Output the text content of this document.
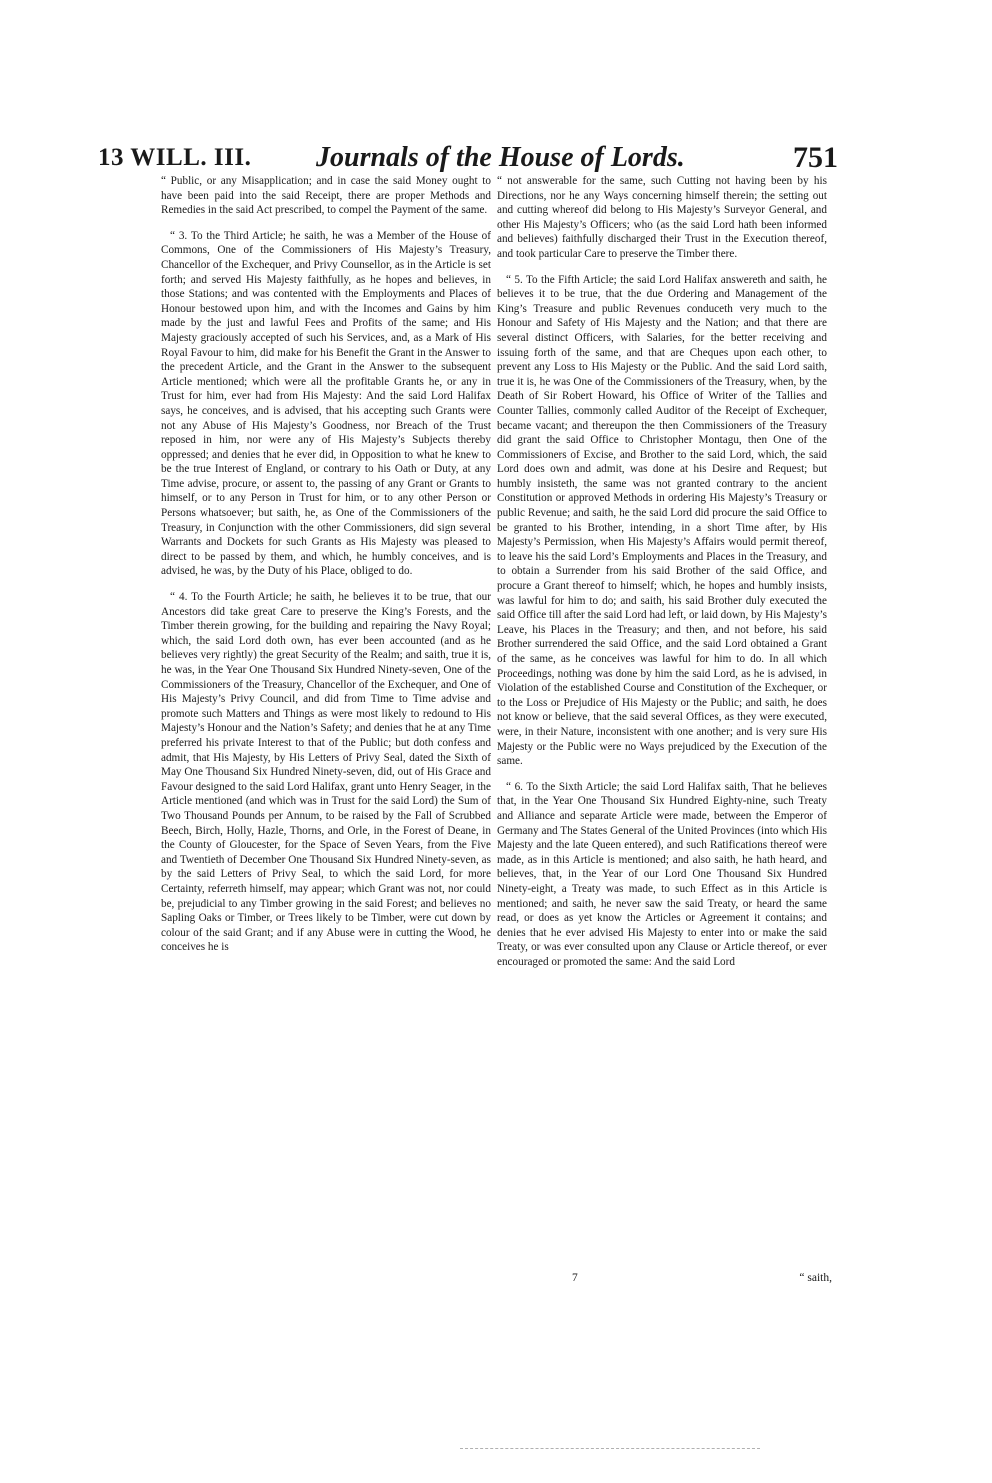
13 WILL. III. Journals of the House of Lords.	751

“ Public, or any Misapplication; and in case the said Money ought to have been paid into the said Receipt, there are proper Methods and Remedies in the said Act prescribed, to compel the Payment of the same.

“ 3. To the Third Article; he saith, he was a Member of the House of Commons, One of the Commissioners of His Majesty’s Treasury, Chancellor of the Exchequer, and Privy Counsellor, as in the Article is set forth; and served His Majesty faithfully, as he hopes and believes, in those Stations; and was contented with the Employments and Places of Honour bestowed upon him, and with the Incomes and Gains by him made by the just and lawful Fees and Profits of the same; and His Majesty graciously accepted of such his Services, and, as a Mark of His Royal Favour to him, did make for his Benefit the Grant in the Answer to the precedent Article, and the Grant in the Answer to the subsequent Article mentioned; which were all the profitable Grants he, or any in Trust for him, ever had from His Majesty: And the said Lord Halifax says, he conceives, and is advised, that his accepting such Grants were not any Abuse of His Majesty’s Goodness, nor Breach of the Trust reposed in him, nor were any of His Majesty’s Subjects thereby oppressed; and denies that he ever did, in Opposition to what he knew to be the true Interest of England, or contrary to his Oath or Duty, at any Time advise, procure, or assent to, the passing of any Grant or Grants to himself, or to any Person in Trust for him, or to any other Person or Persons whatsoever; but saith, he, as One of the Commissioners of the Treasury, in Conjunction with the other Commissioners, did sign several Warrants and Dockets for such Grants as His Majesty was pleased to direct to be passed by them, and which, he humbly conceives, and is advised, he was, by the Duty of his Place, obliged to do.

“ 4. To the Fourth Article; he saith, he believes it to be true, that our Ancestors did take great Care to preserve the King’s Forests, and the Timber therein growing, for the building and repairing the Navy Royal; which, the said Lord doth own, has ever been accounted (and as he believes very rightly) the great Security of the Realm; and saith, true it is, he was, in the Year One Thousand Six Hundred Ninety-seven, One of the Commissioners of the Treasury, Chancellor of the Exchequer, and One of His Majesty’s Privy Council, and did from Time to Time advise and promote such Matters and Things as were most likely to redound to His Majesty’s Honour and the Nation’s Safety; and denies that he at any Time preferred his private Interest to that of the Public; but doth confess and admit, that His Majesty, by His Letters of Privy Seal, dated the Sixth of May One Thousand Six Hundred Ninety-seven, did, out of His Grace and Favour designed to the said Lord Halifax, grant unto Henry Seager, in the Article mentioned (and which was in Trust for the said Lord) the Sum of Two Thousand Pounds per Annum, to be raised by the Fall of Scrubbed Beech, Birch, Holly, Hazle, Thorns, and Orle, in the Forest of Deane, in the County of Gloucester, for the Space of Seven Years, from the Five and Twentieth of December One Thousand Six Hundred Ninety-seven, as by the said Letters of Privy Seal, to which the said Lord, for more Certainty, referreth himself, may appear; which Grant was not, nor could be, prejudicial to any Timber growing in the said Forest; and believes no Sapling Oaks or Timber, or Trees likely to be Timber, were cut down by colour of the said Grant; and if any Abuse were in cutting the Wood, he conceives he is

“ not answerable for the same, such Cutting not having been by his Directions, nor he any Ways concerning himself therein; the setting out and cutting whereof did belong to His Majesty’s Surveyor General, and other His Majesty’s Officers; who (as the said Lord hath been informed and believes) faithfully discharged their Trust in the Execution thereof, and took particular Care to preserve the Timber there.

“ 5. To the Fifth Article; the said Lord Halifax answereth and saith, he believes it to be true, that the due Ordering and Management of the King’s Treasure and public Revenues conduceth very much to the Honour and Safety of His Majesty and the Nation; and that there are several distinct Officers, with Salaries, for the better receiving and issuing forth of the same, and that are Cheques upon each other, to prevent any Loss to His Majesty or the Public. And the said Lord saith, true it is, he was One of the Commissioners of the Treasury, when, by the Death of Sir Robert Howard, his Office of Writer of the Tallies and Counter Tallies, commonly called Auditor of the Receipt of Exchequer, became vacant; and thereupon the then Commissioners of the Treasury did grant the said Office to Christopher Montagu, then One of the Commissioners of Excise, and Brother to the said Lord, which, the said Lord does own and admit, was done at his Desire and Request; but humbly insisteth, the same was not granted contrary to the ancient Constitution or approved Methods in ordering His Majesty’s Treasury or public Revenue; and saith, he the said Lord did procure the said Office to be granted to his Brother, intending, in a short Time after, by His Majesty’s Permission, when His Majesty’s Affairs would permit thereof, to leave his the said Lord’s Employments and Places in the Treasury, and to obtain a Surrender from his said Brother of the said Office, and procure a Grant thereof to himself; which, he hopes and humbly insists, was lawful for him to do; and saith, his said Brother duly executed the said Office till after the said Lord had left, or laid down, by His Majesty’s Leave, his Places in the Treasury; and then, and not before, his said Brother surrendered the said Office, and the said Lord obtained a Grant of the same, as he conceives was lawful for him to do. In all which Proceedings, nothing was done by him the said Lord, as he is advised, in Violation of the established Course and Constitution of the Exchequer, or to the Loss or Prejudice of His Majesty or the Public; and saith, he does not know or believe, that the said several Offices, as they were executed, were, in their Nature, inconsistent with one another; and is very sure His Majesty or the Public were no Ways prejudiced by the Execution of the same.

“ 6. To the Sixth Article; the said Lord Halifax saith, That he believes that, in the Year One Thousand Six Hundred Eighty-nine, such Treaty and Alliance and separate Article were made, between the Emperor of Germany and The States General of the United Provinces (into which His Majesty and the late Queen entered), and such Ratifications thereof were made, as in this Article is mentioned; and also saith, he hath heard, and believes, that, in the Year of our Lord One Thousand Six Hundred Ninety-eight, a Treaty was made, to such Effect as in this Article is mentioned; and saith, he never saw the said Treaty, or heard the same read, or does as yet know the Articles or Agreement it contains; and denies that he ever advised His Majesty to enter into or make the said Treaty, or was ever consulted upon any Clause or Article thereof, or ever encouraged or promoted the same: And the said Lord

7	“ saith,
